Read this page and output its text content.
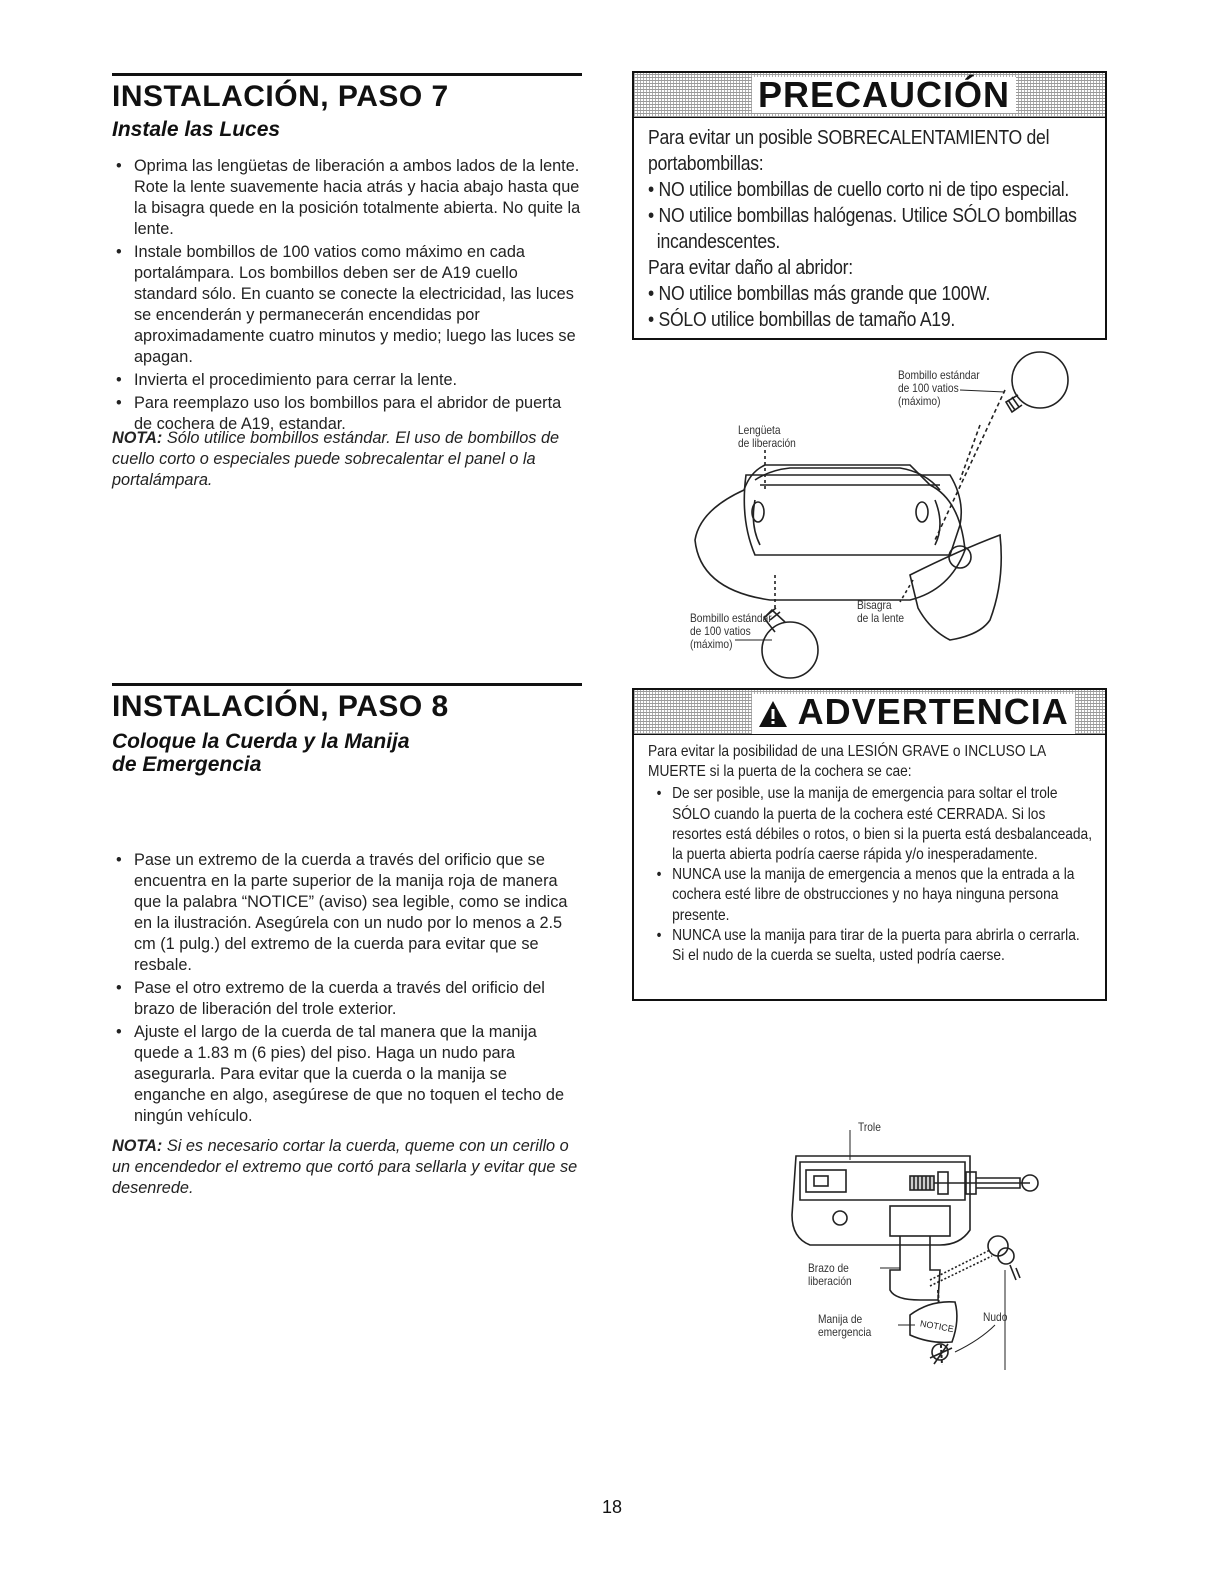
INSTALACIÓN, PASO 7
Instale las Luces
• Oprima las lengüetas de liberación a ambos lados de la lente. Rote la lente suavemente hacia atrás y hacia abajo hasta que la bisagra quede en la posición totalmente abierta. No quite la lente.
• Instale bombillos de 100 vatios como máximo en cada portalámpara. Los bombillos deben ser de A19 cuello standard sólo. En cuanto se conecte la electricidad, las luces se encenderán y permanecerán encendidas por aproximadamente cuatro minutos y medio; luego las luces se apagan.
• Invierta el procedimiento para cerrar la lente.
• Para reemplazo uso los bombillos para el abridor de puerta de cochera de A19, estandar.
NOTA: Sólo utilice bombillos estándar. El uso de bombillos de cuello corto o especiales puede sobrecalentar el panel o la portalámpara.
PRECAUCIÓN

Para evitar un posible SOBRECALENTAMIENTO del portabombillas:

• NO utilice bombillas de cuello corto ni de tipo especial.

• NO utilice bombillas halógenas. Utilice SÓLO bombillas incandescentes.

Para evitar daño al abridor:

• NO utilice bombillas más grande que 100W.

• SÓLO utilice bombillas de tamaño A19.

Bombillo estándar
de 100 vatios
(máximo)
Lengüeta
de liberación
Bombillo estándar
de 100 vatios
(máximo)
Bisagra
de la lente
INSTALACIÓN, PASO 8
Coloque la Cuerda y la Manija
de Emergencia
• Pase un extremo de la cuerda a través del orificio que se encuentra en la parte superior de la manija roja de manera que la palabra “NOTICE” (aviso) sea legible, como se indica en la ilustración. Asegúrela con un nudo por lo menos a 2.5 cm (1 pulg.) del extremo de la cuerda para evitar que se resbale.
• Pase el otro extremo de la cuerda a través del orificio del brazo de liberación del trole exterior.
• Ajuste el largo de la cuerda de tal manera que la manija quede a 1.83 m (6 pies) del piso. Haga un nudo para asegurarla. Para evitar que la cuerda o la manija se enganche en algo, asegúrese de que no toquen el techo de ningún vehículo.
NOTA: Si es necesario cortar la cuerda, queme con un cerillo o un encendedor el extremo que cortó para sellarla y evitar que se desenrede.
ADVERTENCIA

Para evitar la posibilidad de una LESIÓN GRAVE o INCLUSO LA MUERTE si la puerta de la cochera se cae:

• De ser posible, use la manija de emergencia para soltar el trole SÓLO cuando la puerta de la cochera esté CERRADA. Si los resortes está débiles o rotos, o bien si la puerta está desbalanceada, la puerta abierta podría caerse rápida y/o inesperadamente.
• NUNCA use la manija de emergencia a menos que la entrada a la cochera esté libre de obstrucciones y no haya ninguna persona presente.
• NUNCA use la manija para tirar de la puerta para abrirla o cerrarla. Si el nudo de la cuerda se suelta, usted podría caerse.
NOTICE
Trole
Brazo de
liberación
Manija de
emergencia
Nudo
18
